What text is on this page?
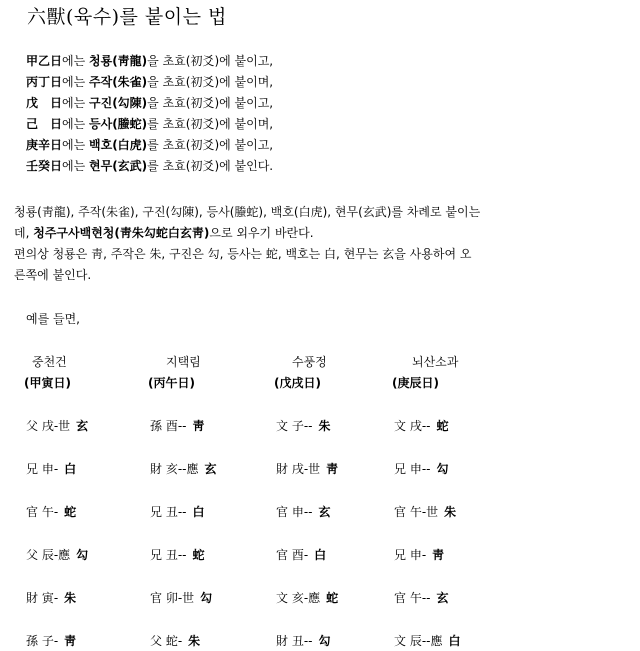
六獸(육수)를 붙이는 법
甲乙日에는 청룡(靑龍)을 초효(初爻)에 붙이고,
丙丁日에는 주작(朱雀)을 초효(初爻)에 붙이며,
戊　日에는 구진(勾陳)을 초효(初爻)에 붙이고,
己　日에는 등사(螣蛇)를 초효(初爻)에 붙이며,
庚辛日에는 백호(白虎)를 초효(初爻)에 붙이고,
壬癸日에는 현무(玄武)를 초효(初爻)에 붙인다.
청룡(靑龍), 주작(朱雀), 구진(勾陳), 등사(螣蛇), 백호(白虎), 현무(玄武)를 차례로 붙이는
데, 청주구사백현청(靑朱勾蛇白玄靑)으로 외우기 바란다.
편의상 청룡은 靑, 주작은 朱, 구진은 勾, 등사는 蛇, 백호는 白, 현무는 玄을 사용하여 오
른쪽에 붙인다.
예를 들면,
중천건
(甲寅日)
父 戌-世 玄
兄 申- 白
官 午- 蛇
父 辰-應 勾
財 寅- 朱
孫 子- 靑
지택림
(丙午日)
孫 酉-- 靑
財 亥--應 玄
兄 丑-- 白
兄 丑-- 蛇
官 卯-世 勾
父 蛇- 朱
수풍정
(戊戌日)
文 子-- 朱
財 戌-世 靑
官 申-- 玄
官 酉- 白
文 亥-應 蛇
財 丑-- 勾
뇌산소과
(庚辰日)
文 戌-- 蛇
兄 申-- 勾
官 午-世 朱
兄 申- 靑
官 午-- 玄
文 辰--應 白
